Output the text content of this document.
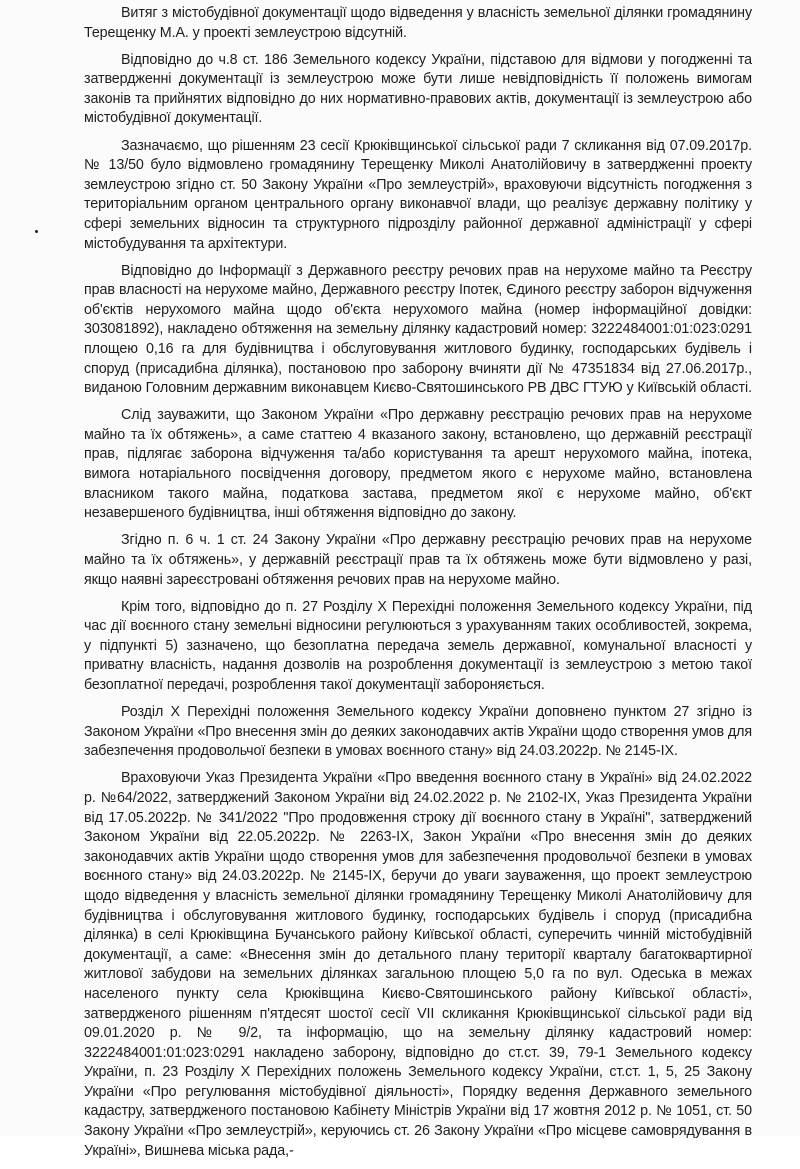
Витяг з містобудівної документації щодо відведення у власність земельної ділянки громадянину Терещенку М.А. у проекті землеустрою відсутній.

Відповідно до ч.8 ст. 186 Земельного кодексу України, підставою для відмови у погодженні та затвердженні документації із землеустрою може бути лише невідповідність її положень вимогам законів та прийнятих відповідно до них нормативно-правових актів, документації із землеустрою або містобудівної документації.

Зазначаємо, що рішенням 23 сесії Крюківщинської сільської ради 7 скликання від 07.09.2017р. № 13/50 було відмовлено громадянину Терещенку Миколі Анатолійовичу в затвердженні проекту землеустрою згідно ст. 50 Закону України «Про землеустрій», враховуючи відсутність погодження з територіальним органом центрального органу виконавчої влади, що реалізує державну політику у сфері земельних відносин та структурного підрозділу районної державної адміністрації у сфері містобудування та архітектури.

Відповідно до Інформації з Державного реєстру речових прав на нерухоме майно та Реєстру прав власності на нерухоме майно, Державного реєстру Іпотек, Єдиного реєстру заборон відчуження об'єктів нерухомого майна щодо об'єкта нерухомого майна (номер інформаційної довідки: 303081892), накладено обтяження на земельну ділянку кадастровий номер: 3222484001:01:023:0291 площею 0,16 га для будівництва і обслуговування житлового будинку, господарських будівель і споруд (присадибна ділянка), постановою про заборону вчиняти дії № 47351834 від 27.06.2017р., виданою Головним державним виконавцем Києво-Святошинського РВ ДВС ГТУЮ у Київській області.

Слід зауважити, що Законом України «Про державну реєстрацію речових прав на нерухоме майно та їх обтяжень», а саме статтею 4 вказаного закону, встановлено, що державній реєстрації прав, підлягає заборона відчуження та/або користування та арешт нерухомого майна, іпотека, вимога нотаріального посвідчення договору, предметом якого є нерухоме майно, встановлена власником такого майна, податкова застава, предметом якої є нерухоме майно, об'єкт незавершеного будівництва, інші обтяження відповідно до закону.

Згідно п. 6 ч. 1 ст. 24 Закону України «Про державну реєстрацію речових прав на нерухоме майно та їх обтяжень», у державній реєстрації прав та їх обтяжень може бути відмовлено у разі, якщо наявні зареєстровані обтяження речових прав на нерухоме майно.

Крім того, відповідно до п. 27 Розділу X Перехідні положення Земельного кодексу України, під час дії воєнного стану земельні відносини регулюються з урахуванням таких особливостей, зокрема, у підпункті 5) зазначено, що безоплатна передача земель державної, комунальної власності у приватну власність, надання дозволів на розроблення документації із землеустрою з метою такої безоплатної передачі, розроблення такої документації забороняється.

Розділ X Перехідні положення Земельного кодексу України доповнено пунктом 27 згідно із Законом України «Про внесення змін до деяких законодавчих актів України щодо створення умов для забезпечення продовольчої безпеки в умовах воєнного стану» від 24.03.2022р. № 2145-IX.

Враховуючи Указ Президента України «Про введення воєнного стану в Україні» від 24.02.2022 р. №64/2022, затверджений Законом України від 24.02.2022 р. № 2102-IX, Указ Президента України від 17.05.2022р. № 341/2022 "Про продовження строку дії воєнного стану в Україні", затверджений Законом України від 22.05.2022р. № 2263-IX, Закон України «Про внесення змін до деяких законодавчих актів України щодо створення умов для забезпечення продовольчої безпеки в умовах воєнного стану» від 24.03.2022р. № 2145-IX, беручи до уваги зауваження, що проект землеустрою щодо відведення у власність земельної ділянки громадянину Терещенку Миколі Анатолійовичу для будівництва і обслуговування житлового будинку, господарських будівель і споруд (присадибна ділянка) в селі Крюківщина Бучанського району Київської області, суперечить чинній містобудівній документації, а саме: «Внесення змін до детального плану території кварталу багатоквартирної житлової забудови на земельних ділянках загальною площею 5,0 га по вул. Одеська в межах населеного пункту села Крюківщина Києво-Святошинського району Київської області», затвердженого рішенням п'ятдесят шостої сесії VII скликання Крюківщинської сільської ради від 09.01.2020 р. № 9/2, та інформацію, що на земельну ділянку кадастровий номер: 3222484001:01:023:0291 накладено заборону, відповідно до ст.ст. 39, 79-1 Земельного кодексу України, п. 23 Розділу X Перехідних положень Земельного кодексу України, ст.ст. 1, 5, 25 Закону України «Про регулювання містобудівної діяльності», Порядку ведення Державного земельного кадастру, затвердженого постановою Кабінету Міністрів України від 17 жовтня 2012 р. № 1051, ст. 50 Закону України «Про землеустрій», керуючись ст. 26 Закону України «Про місцеве самоврядування в Україні», Вишнева міська рада,-
